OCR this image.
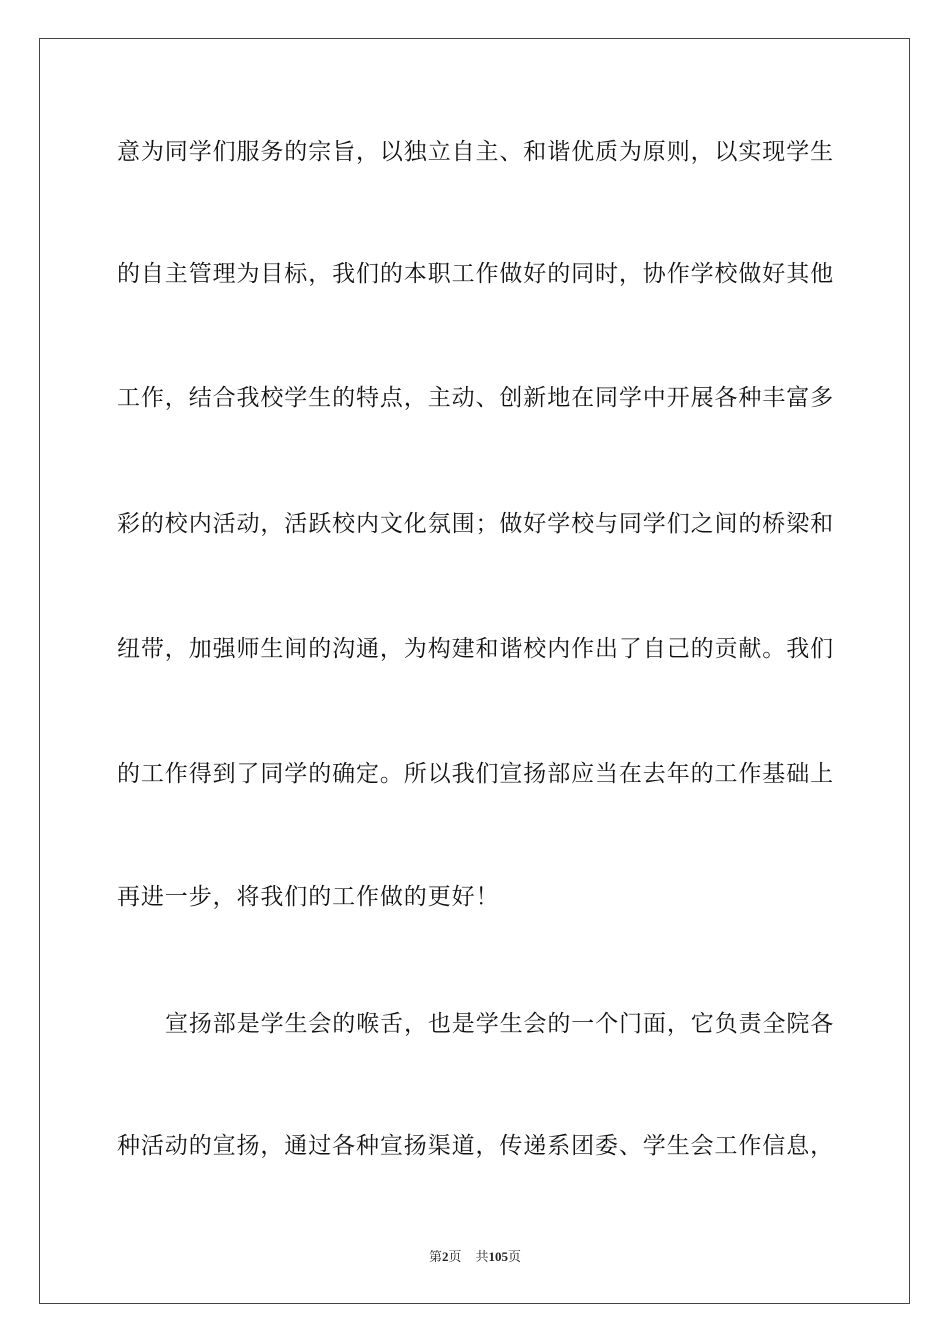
意为同学们服务的宗旨，以独立自主、和谐优质为原则，以实现学生
的自主管理为目标，我们的本职工作做好的同时，协作学校做好其他
工作，结合我校学生的特点，主动、创新地在同学中开展各种丰富多
彩的校内活动，活跃校内文化氛围；做好学校与同学们之间的桥梁和
纽带，加强师生间的沟通，为构建和谐校内作出了自己的贡献。我们
的工作得到了同学的确定。所以我们宣扬部应当在去年的工作基础上
再进一步，将我们的工作做的更好！
宣扬部是学生会的喉舌，也是学生会的一个门面，它负责全院各
种活动的宣扬，通过各种宣扬渠道，传递系团委、学生会工作信息，
第2页 共105页
